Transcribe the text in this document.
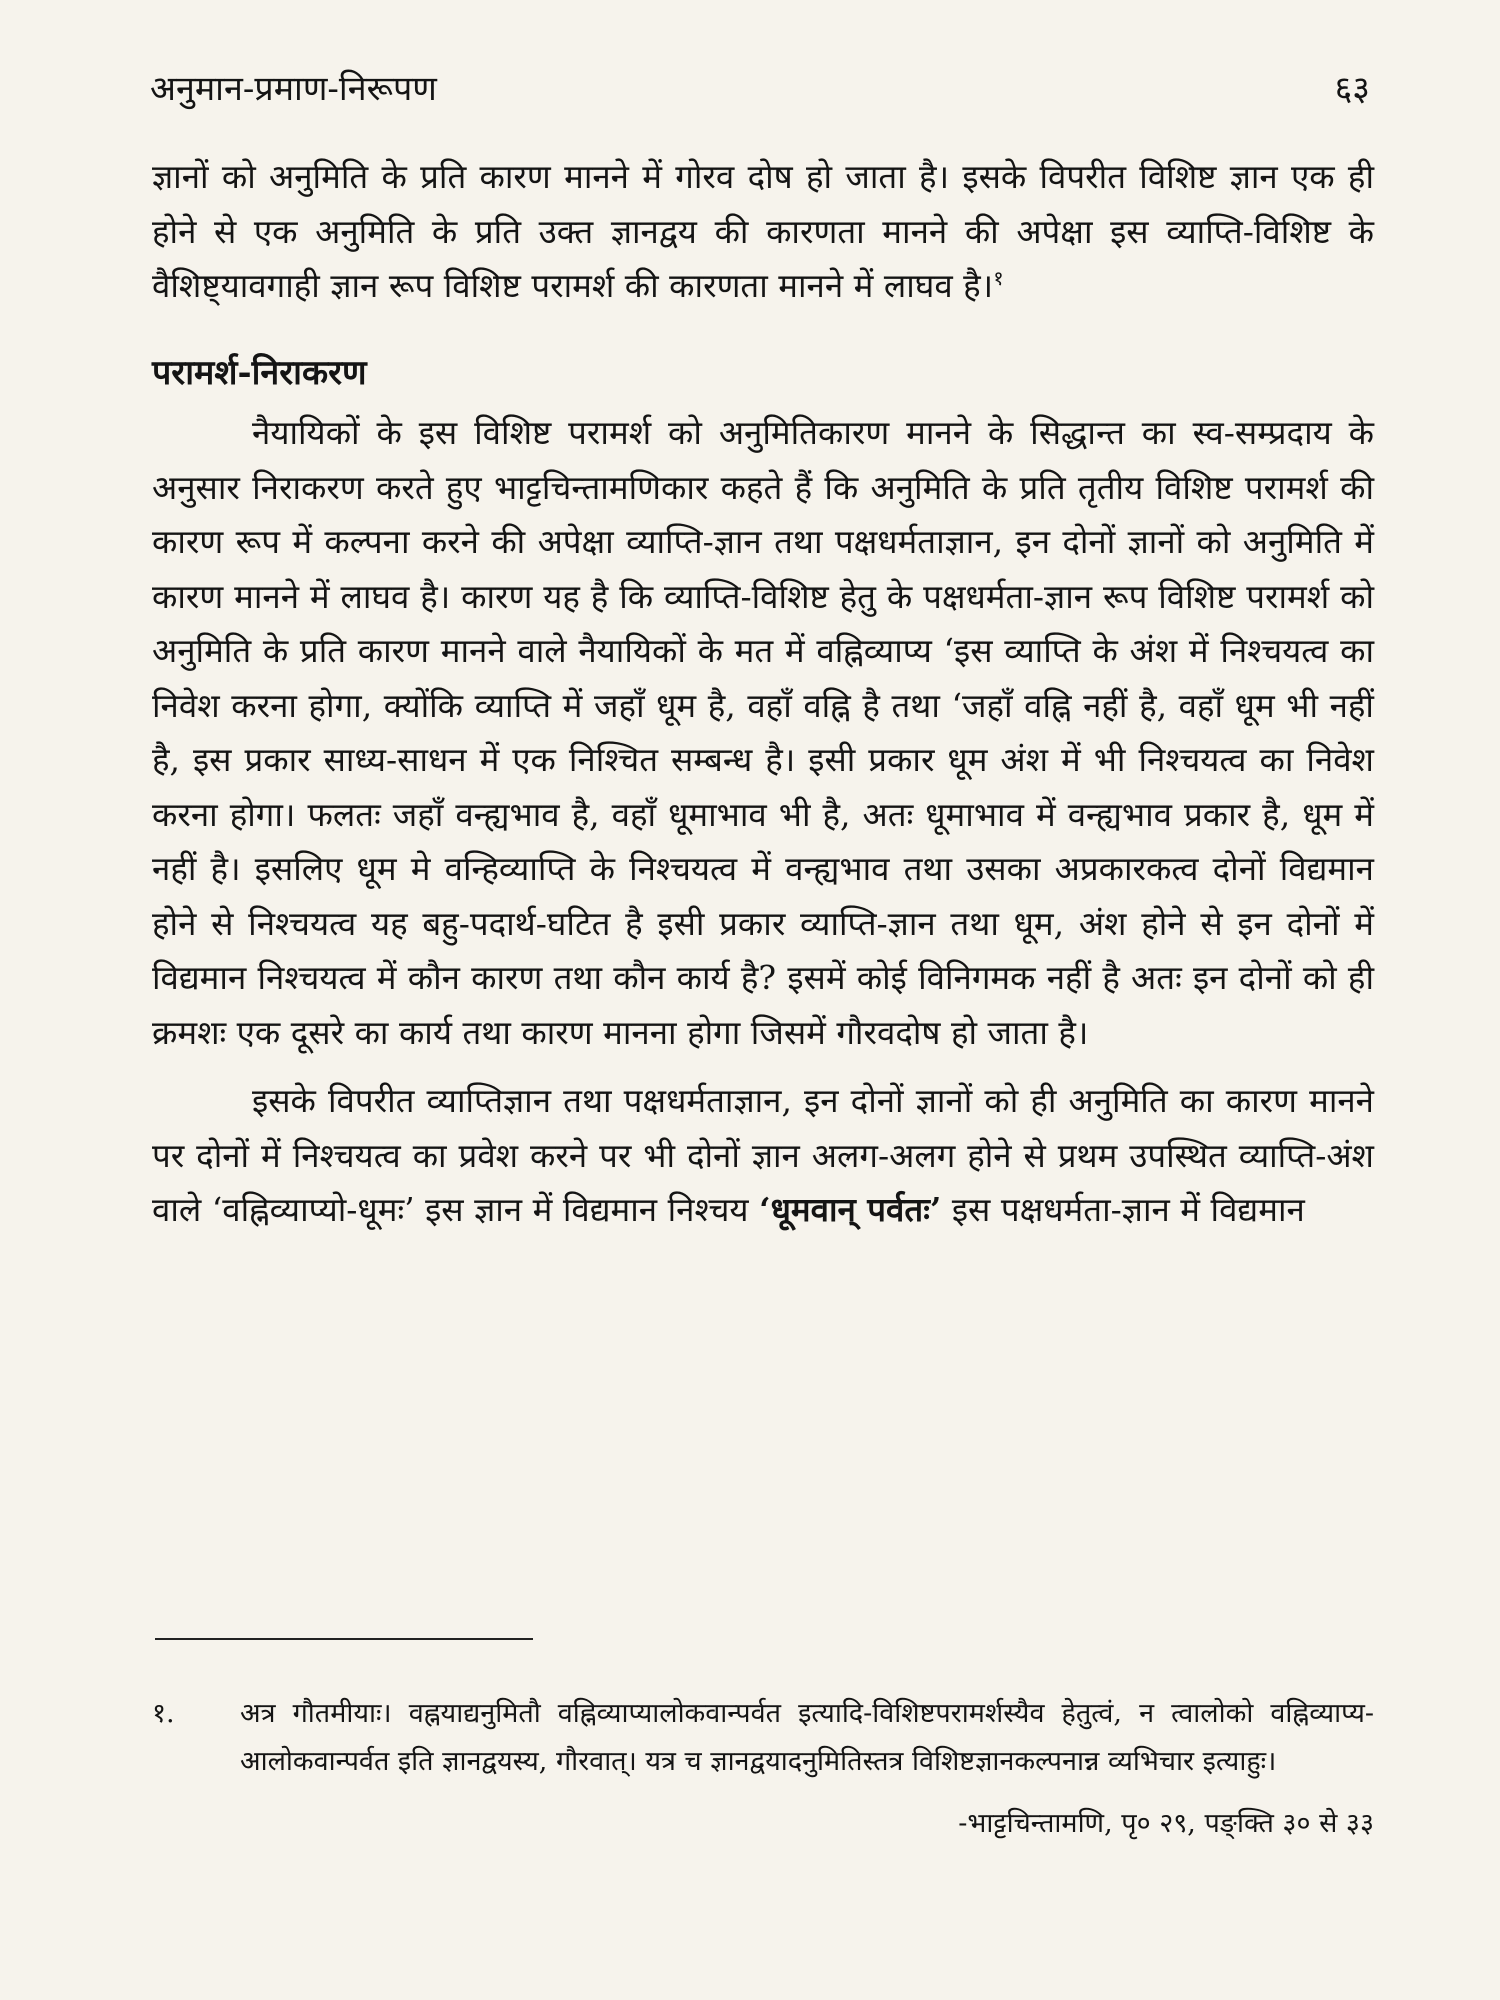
अनुमान-प्रमाण-निरूपण	६३

ज्ञानों को अनुमिति के प्रति कारण मानने में गोरव दोष हो जाता है। इसके विपरीत विशिष्ट ज्ञान एक ही होने से एक अनुमिति के प्रति उक्त ज्ञानद्वय की कारणता मानने की अपेक्षा इस व्याप्ति-विशिष्ट के वैशिष्ट्यावगाही ज्ञान रूप विशिष्ट परामर्श की कारणता मानने में लाघव है।$^१$

परामर्श-निराकरण

नैयायिकों के इस विशिष्ट परामर्श को अनुमितिकारण मानने के सिद्धान्त का स्व-सम्प्रदाय के अनुसार निराकरण करते हुए भाट्टचिन्तामणिकार कहते हैं कि अनुमिति के प्रति तृतीय विशिष्ट परामर्श की कारण रूप में कल्पना करने की अपेक्षा व्याप्ति-ज्ञान तथा पक्षधर्मताज्ञान, इन दोनों ज्ञानों को अनुमिति में कारण मानने में लाघव है। कारण यह है कि व्याप्ति-विशिष्ट हेतु के पक्षधर्मता-ज्ञान रूप विशिष्ट परामर्श को अनुमिति के प्रति कारण मानने वाले नैयायिकों के मत में वह्निव्याप्य ‘इस व्याप्ति के अंश में निश्चयत्व का निवेश करना होगा, क्योंकि व्याप्ति में जहाँ धूम है, वहाँ वह्नि है तथा ‘जहाँ वह्नि नहीं है, वहाँ धूम भी नहीं है, इस प्रकार साध्य-साधन में एक निश्चित सम्बन्ध है। इसी प्रकार धूम अंश में भी निश्चयत्व का निवेश करना होगा। फलतः जहाँ वन्ह्यभाव है, वहाँ धूमाभाव भी है, अतः धूमाभाव में वन्ह्यभाव प्रकार है, धूम में नहीं है। इसलिए धूम मे वन्हिव्याप्ति के निश्चयत्व में वन्ह्यभाव तथा उसका अप्रकारकत्व दोनों विद्यमान होने से निश्चयत्व यह बहु-पदार्थ-घटित है इसी प्रकार व्याप्ति-ज्ञान तथा धूम, अंश होने से इन दोनों में विद्यमान निश्चयत्व में कौन कारण तथा कौन कार्य है? इसमें कोई विनिगमक नहीं है अतः इन दोनों को ही क्रमशः एक दूसरे का कार्य तथा कारण मानना होगा जिसमें गौरवदोष हो जाता है।

इसके विपरीत व्याप्तिज्ञान तथा पक्षधर्मताज्ञान, इन दोनों ज्ञानों को ही अनुमिति का कारण मानने पर दोनों में निश्चयत्व का प्रवेश करने पर भी दोनों ज्ञान अलग-अलग होने से प्रथम उपस्थित व्याप्ति-अंश वाले ‘वह्निव्याप्यो-धूमः’ इस ज्ञान में विद्यमान निश्चय ‘धूमवान् पर्वतः’ इस पक्षधर्मता-ज्ञान में विद्यमान

१.	अत्र गौतमीयाः। वह्नयाद्यनुमितौ वह्निव्याप्यालोकवान्पर्वत इत्यादि-विशिष्टपरामर्शस्यैव हेतुत्वं, न त्वालोको वह्निव्याप्य-आलोकवान्पर्वत इति ज्ञानद्वयस्य, गौरवात्। यत्र च ज्ञानद्वयादनुमितिस्तत्र विशिष्टज्ञानकल्पनान्न व्यभिचार इत्याहुः।
-भाट्टचिन्तामणि, पृ० २९, पङ्क्ति ३० से ३३
